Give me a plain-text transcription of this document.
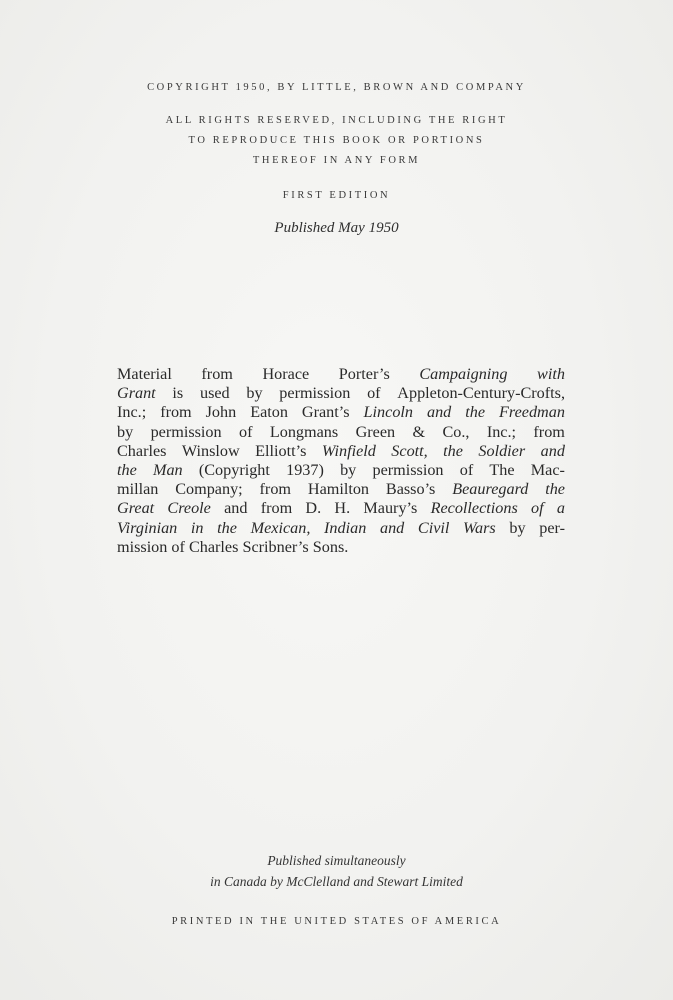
COPYRIGHT 1950, BY LITTLE, BROWN AND COMPANY
ALL RIGHTS RESERVED, INCLUDING THE RIGHT
TO REPRODUCE THIS BOOK OR PORTIONS
THEREOF IN ANY FORM
FIRST EDITION
Published May 1950
Material from Horace Porter’s Campaigning with
Grant is used by permission of Appleton-Century-Crofts,
Inc.; from John Eaton Grant’s Lincoln and the Freedman
by permission of Longmans Green & Co., Inc.; from
Charles Winslow Elliott’s Winfield Scott, the Soldier and
the Man (Copyright 1937) by permission of The Mac-
millan Company; from Hamilton Basso’s Beauregard the
Great Creole and from D. H. Maury’s Recollections of a
Virginian in the Mexican, Indian and Civil Wars by per-
mission of Charles Scribner’s Sons.
Published simultaneously
in Canada by McClelland and Stewart Limited
PRINTED IN THE UNITED STATES OF AMERICA
